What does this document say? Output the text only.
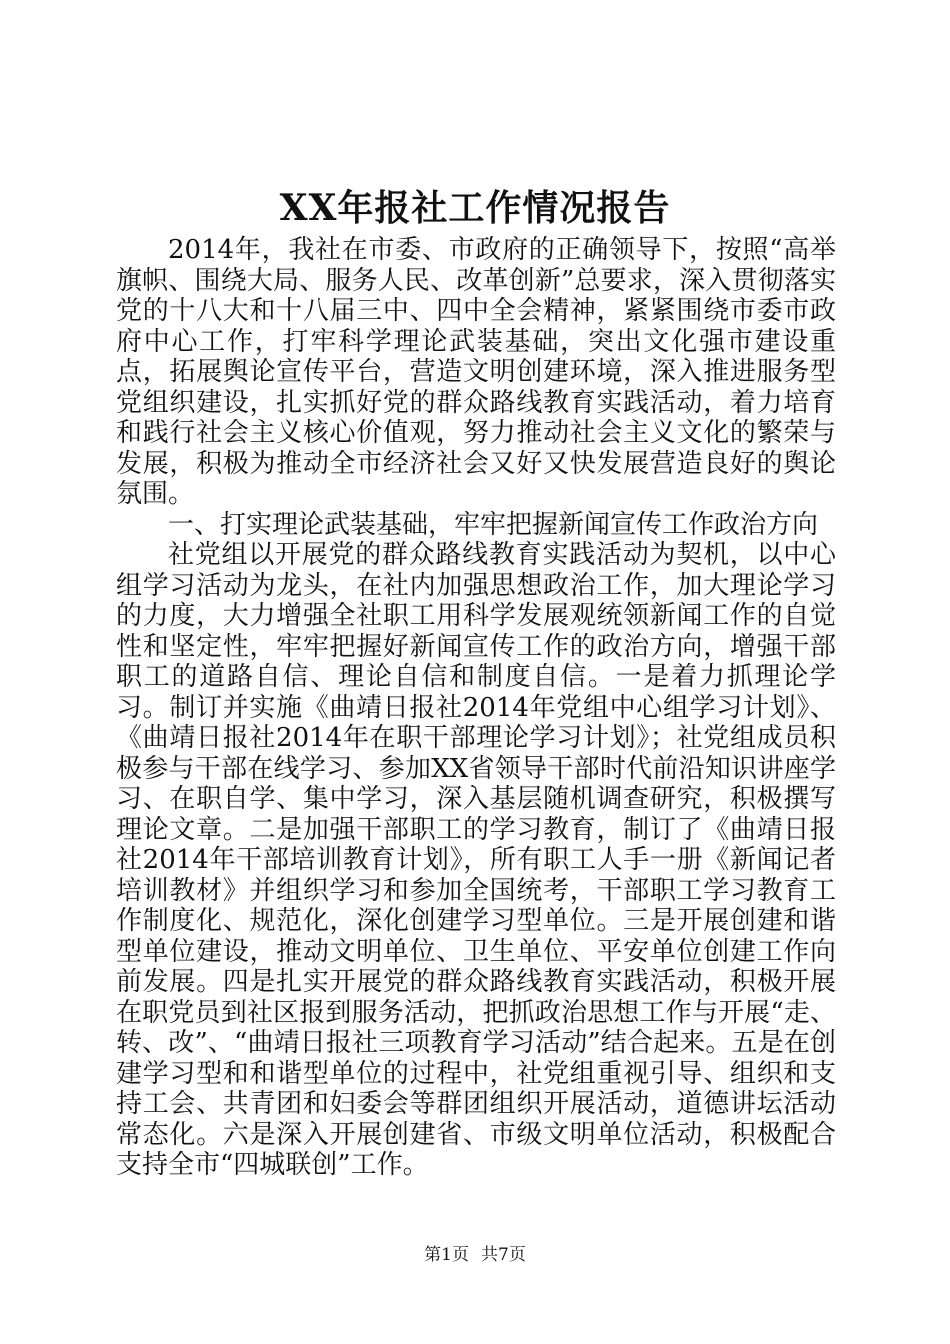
XX年报社工作情况报告

2014年，我社在市委、市政府的正确领导下，按照“高举旗帜、围绕大局、服务人民、改革创新”总要求，深入贯彻落实党的十八大和十八届三中、四中全会精神，紧紧围绕市委市政府中心工作，打牢科学理论武装基础，突出文化强市建设重点，拓展舆论宣传平台，营造文明创建环境，深入推进服务型党组织建设，扎实抓好党的群众路线教育实践活动，着力培育和践行社会主义核心价值观，努力推动社会主义文化的繁荣与发展，积极为推动全市经济社会又好又快发展营造良好的舆论氛围。

一、打实理论武装基础，牢牢把握新闻宣传工作政治方向

社党组以开展党的群众路线教育实践活动为契机，以中心组学习活动为龙头，在社内加强思想政治工作，加大理论学习的力度，大力增强全社职工用科学发展观统领新闻工作的自觉性和坚定性，牢牢把握好新闻宣传工作的政治方向，增强干部职工的道路自信、理论自信和制度自信。一是着力抓理论学习。制订并实施《曲靖日报社2014年党组中心组学习计划》、《曲靖日报社2014年在职干部理论学习计划》；社党组成员积极参与干部在线学习、参加XX省领导干部时代前沿知识讲座学习、在职自学、集中学习，深入基层随机调查研究，积极撰写理论文章。二是加强干部职工的学习教育，制订了《曲靖日报社2014年干部培训教育计划》，所有职工人手一册《新闻记者培训教材》并组织学习和参加全国统考，干部职工学习教育工作制度化、规范化，深化创建学习型单位。三是开展创建和谐型单位建设，推动文明单位、卫生单位、平安单位创建工作向前发展。四是扎实开展党的群众路线教育实践活动，积极开展在职党员到社区报到服务活动，把抓政治思想工作与开展“走、转、改”、“曲靖日报社三项教育学习活动”结合起来。五是在创建学习型和和谐型单位的过程中，社党组重视引导、组织和支持工会、共青团和妇委会等群团组织开展活动，道德讲坛活动常态化。六是深入开展创建省、市级文明单位活动，积极配合支持全市“四城联创”工作。

第1页 共7页
